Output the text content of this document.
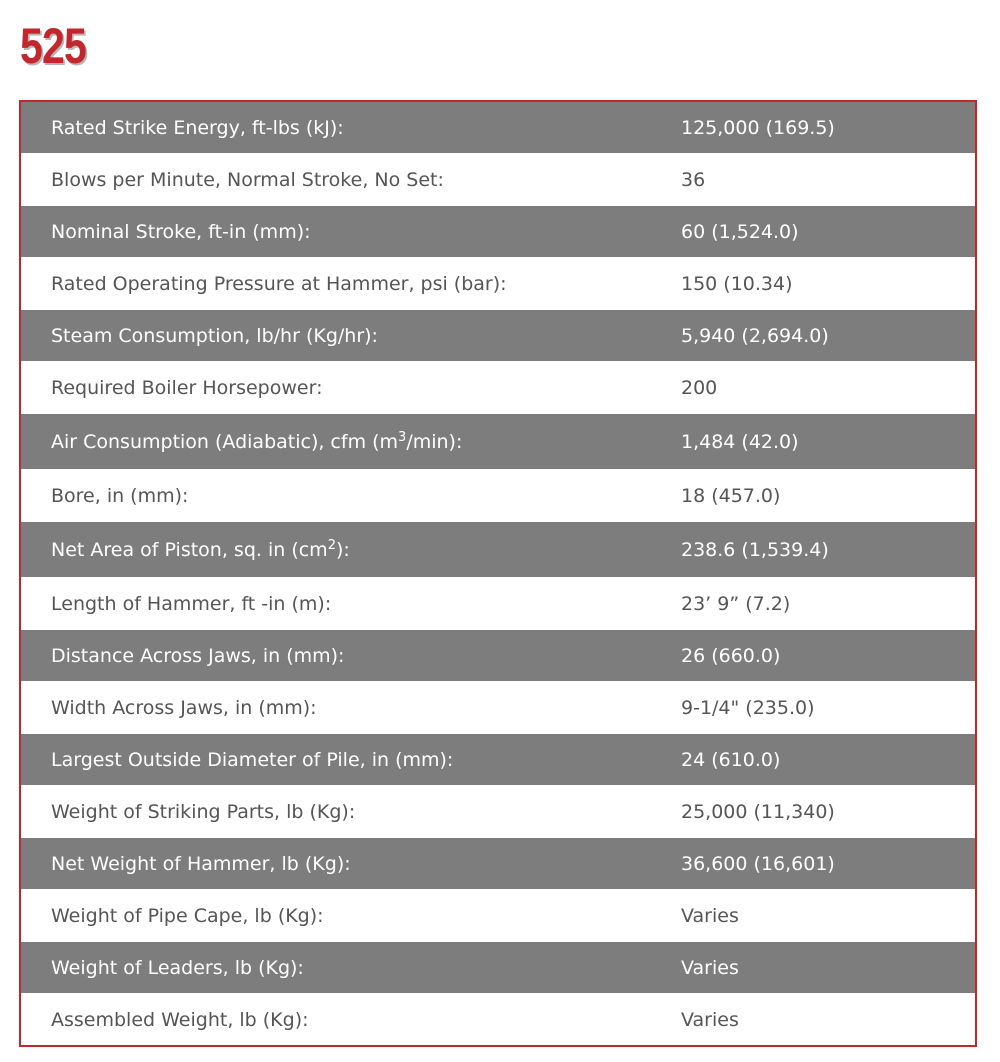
525
Rated Strike Energy, ft-lbs (kJ):	125,000 (169.5)
Blows per Minute, Normal Stroke, No Set:	36
Nominal Stroke, ft-in (mm):	60 (1,524.0)
Rated Operating Pressure at Hammer, psi (bar):	150 (10.34)
Steam Consumption, lb/hr (Kg/hr):	5,940 (2,694.0)
Required Boiler Horsepower:	200
Air Consumption (Adiabatic), cfm $(m^3/\min)$:	1,484 (42.0)
Bore, in (mm):	18 (457.0)
Net Area of Piston, sq. in $(cm^2)$:	238.6 (1,539.4)
Length of Hammer, ft -in (m):	23’ 9” (7.2)
Distance Across Jaws, in (mm):	26 (660.0)
Width Across Jaws, in (mm):	9-1/4" (235.0)
Largest Outside Diameter of Pile, in (mm):	24 (610.0)
Weight of Striking Parts, lb (Kg):	25,000 (11,340)
Net Weight of Hammer, lb (Kg):	36,600 (16,601)
Weight of Pipe Cape, lb (Kg):	Varies
Weight of Leaders, lb (Kg):	Varies
Assembled Weight, lb (Kg):	Varies
